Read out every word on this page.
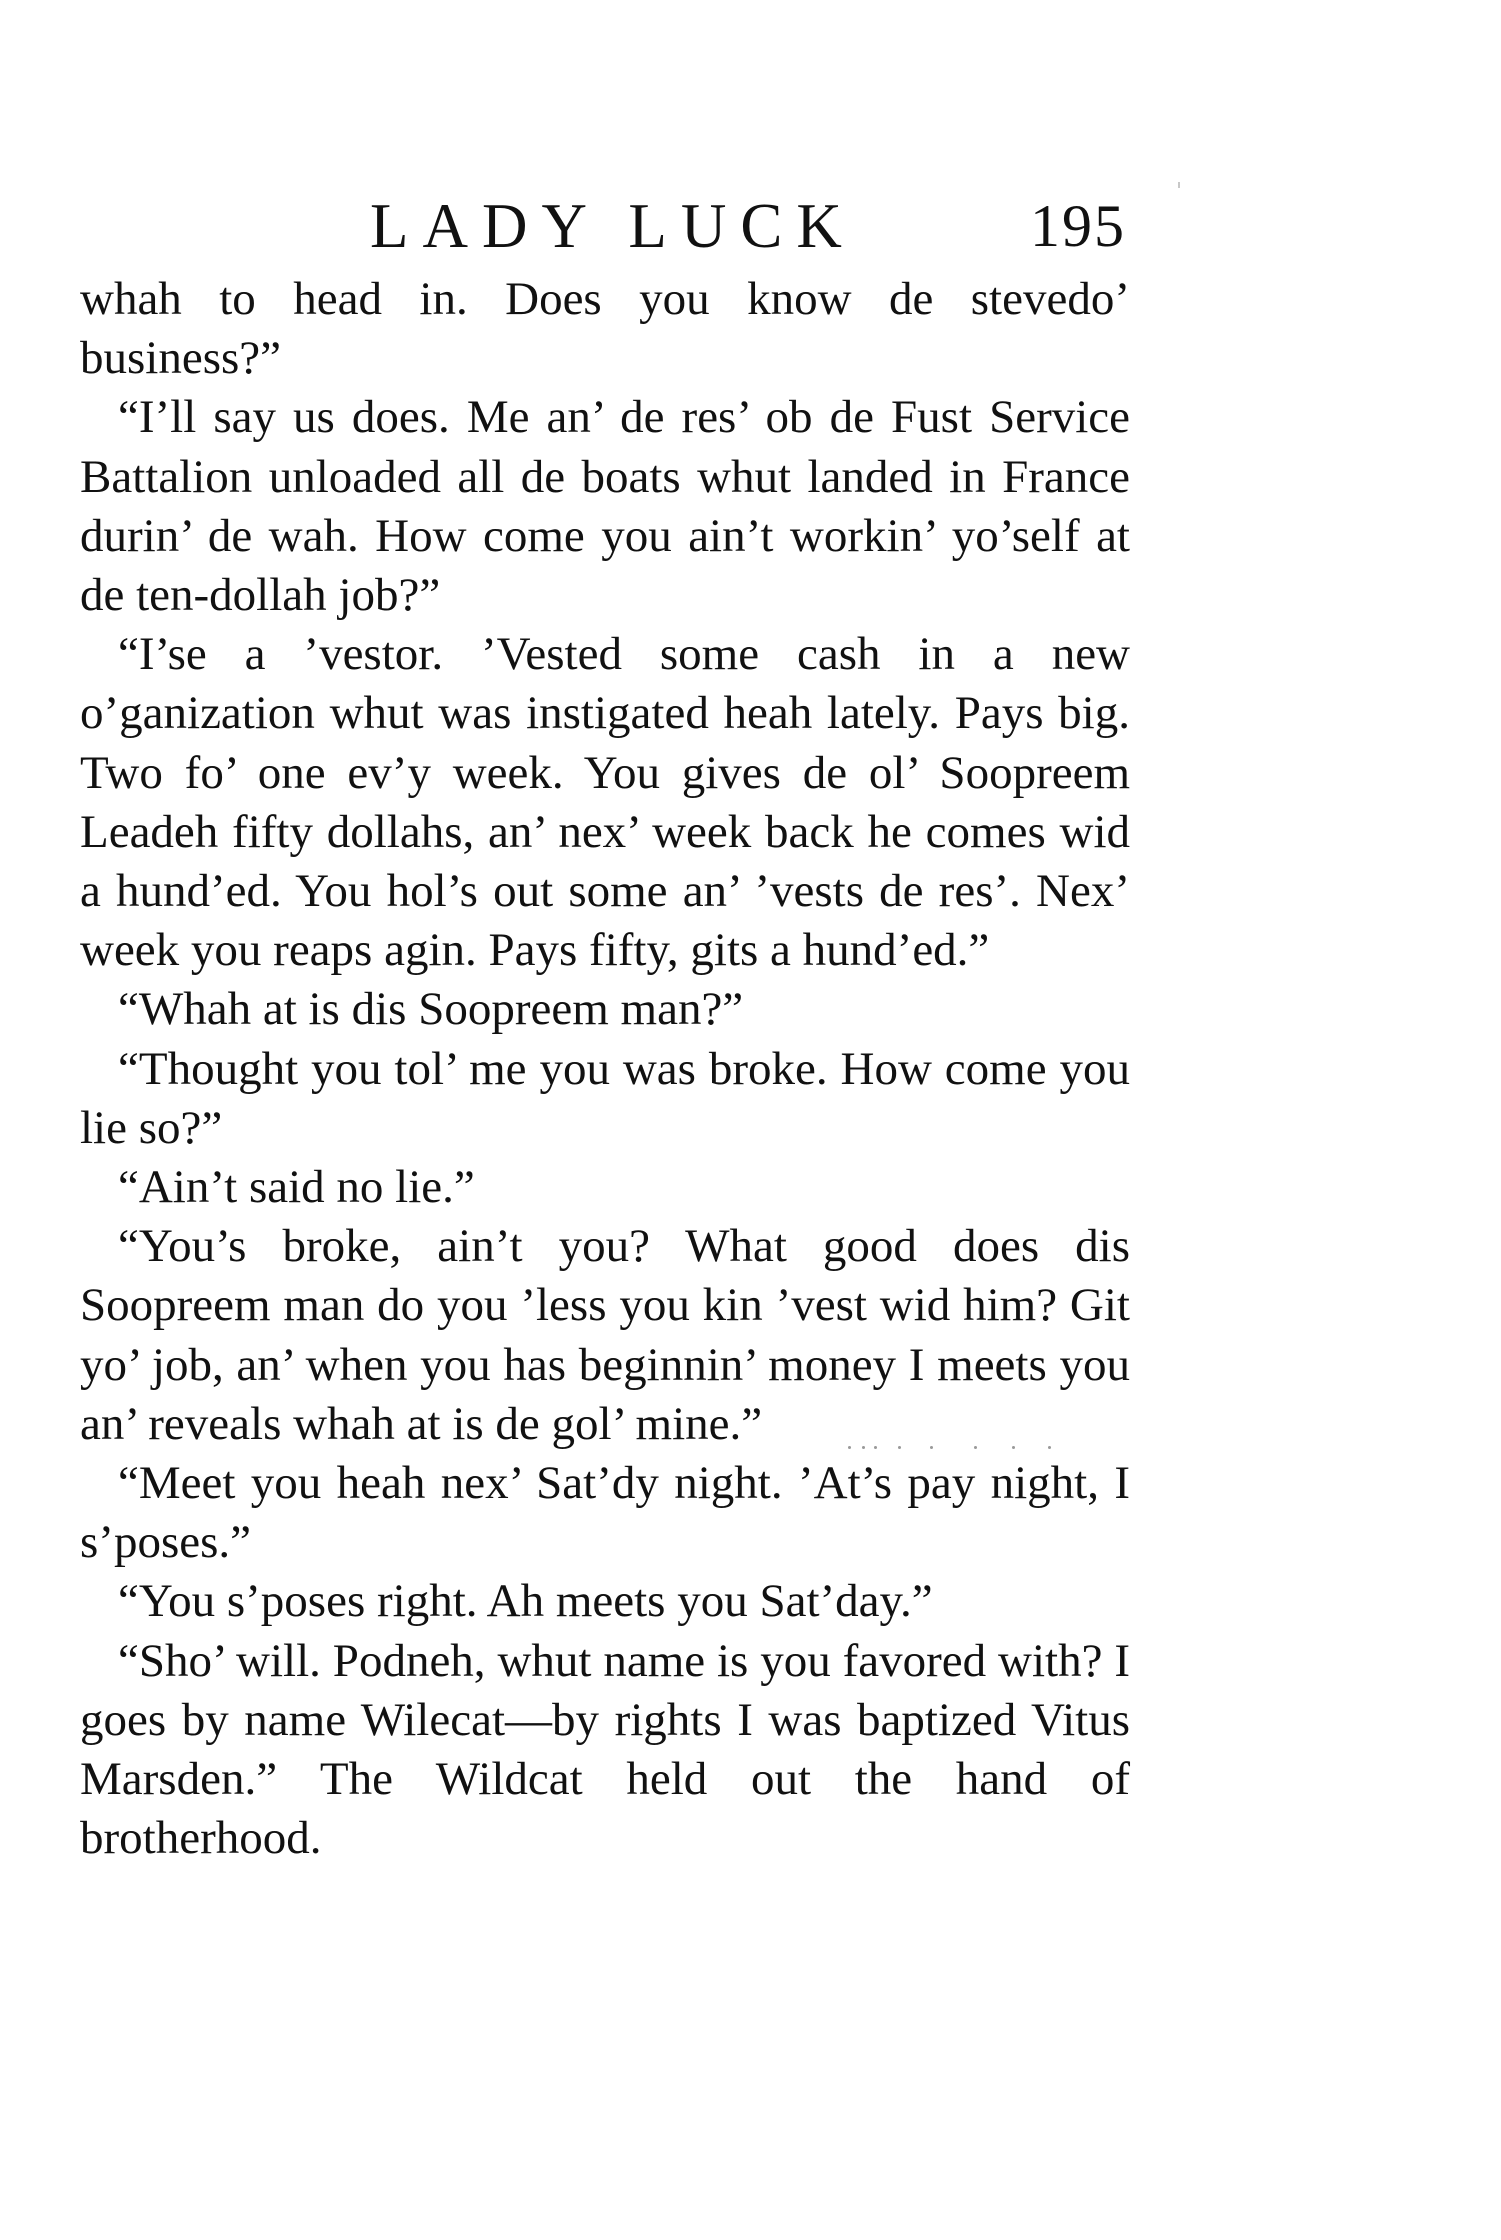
LADY LUCK	195

whah to head in. Does you know de stevedo’ business?”

“I’ll say us does. Me an’ de res’ ob de Fust Service Battalion unloaded all de boats whut landed in France durin’ de wah. How come you ain’t workin’ yo’self at de ten-dollah job?”

“I’se a ’vestor. ’Vested some cash in a new o’ganization whut was instigated heah lately. Pays big. Two fo’ one ev’y week. You gives de ol’ Soopreem Leadeh fifty dollahs, an’ nex’ week back he comes wid a hund’ed. You hol’s out some an’ ’vests de res’. Nex’ week you reaps agin. Pays fifty, gits a hund’ed.”

“Whah at is dis Soopreem man?”

“Thought you tol’ me you was broke. How come you lie so?”

“Ain’t said no lie.”

“You’s broke, ain’t you? What good does dis Soopreem man do you ’less you kin ’vest wid him? Git yo’ job, an’ when you has beginnin’ money I meets you an’ reveals whah at is de gol’ mine.”

“Meet you heah nex’ Sat’dy night. ’At’s pay night, I s’poses.”

“You s’poses right. Ah meets you Sat’day.”

“Sho’ will. Podneh, whut name is you favored with? I goes by name Wilecat—by rights I was baptized Vitus Marsden.” The Wildcat held out the hand of brotherhood.
